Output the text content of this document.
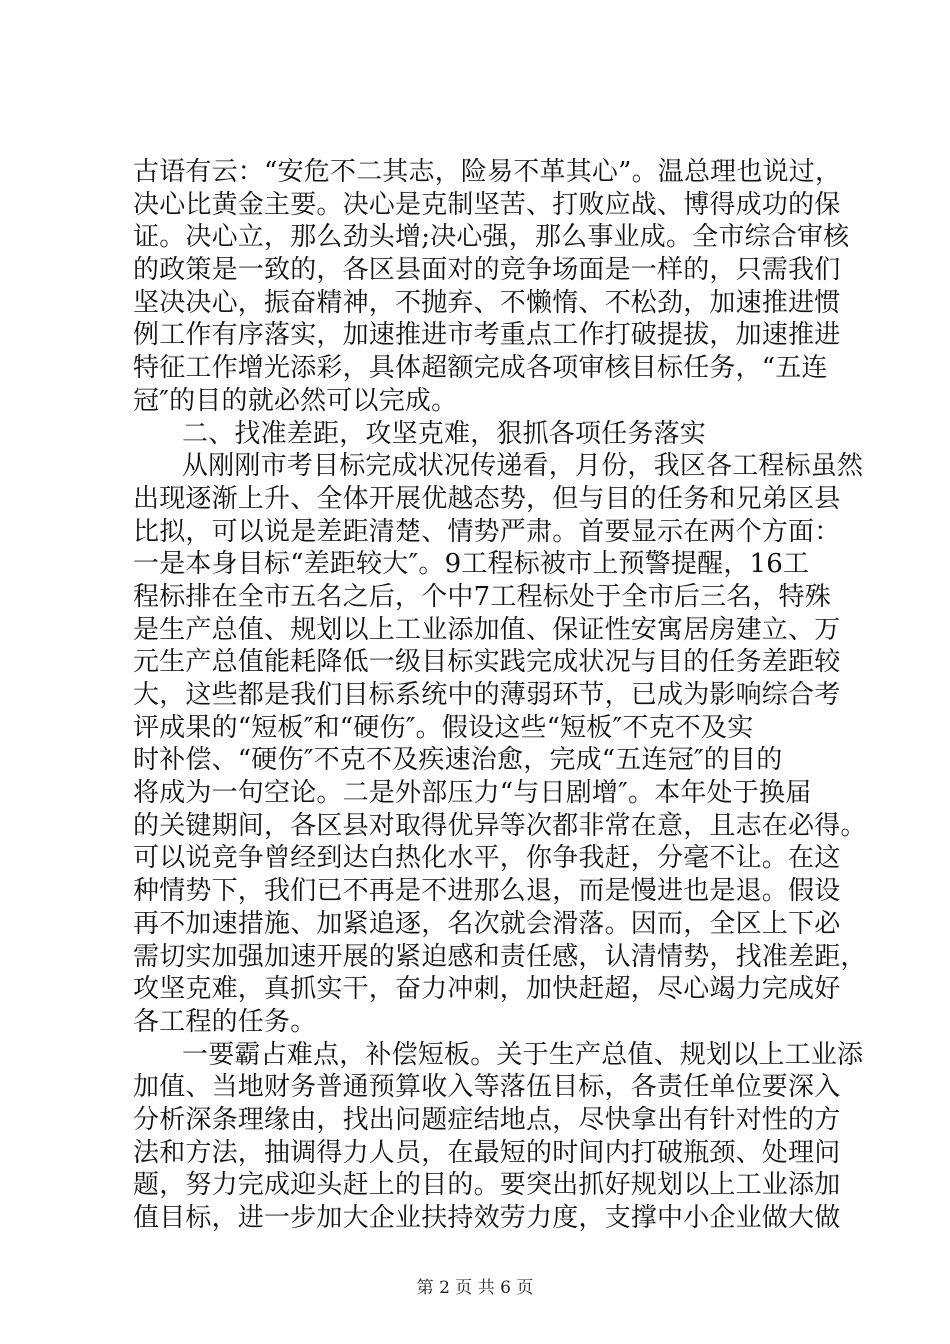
古语有云：“安危不二其志，险易不革其心”。温总理也说过，
决心比黄金主要。决心是克制坚苦、打败应战、博得成功的保
证。决心立，那么劲头增;决心强，那么事业成。全市综合审核
的政策是一致的，各区县面对的竞争场面是一样的，只需我们
坚决决心，振奋精神，不抛弃、不懒惰、不松劲，加速推进惯
例工作有序落实，加速推进市考重点工作打破提拔，加速推进
特征工作增光添彩，具体超额完成各项审核目标任务，“五连
冠″的目的就必然可以完成。
二、找准差距，攻坚克难，狠抓各项任务落实
从刚刚市考目标完成状况传递看，月份，我区各工程标虽然
出现逐渐上升、全体开展优越态势，但与目的任务和兄弟区县
比拟，可以说是差距清楚、情势严肃。首要显示在两个方面：
一是本身目标“差距较大″。9工程标被市上预警提醒，16工
程标排在全市五名之后，个中7工程标处于全市后三名，特殊
是生产总值、规划以上工业添加值、保证性安寓居房建立、万
元生产总值能耗降低一级目标实践完成状况与目的任务差距较
大，这些都是我们目标系统中的薄弱环节，已成为影响综合考
评成果的“短板″和“硬伤″。假设这些“短板″不克不及实
时补偿、“硬伤″不克不及疾速治愈，完成“五连冠″的目的
将成为一句空论。二是外部压力“与日剧增″。本年处于换届
的关键期间，各区县对取得优异等次都非常在意，且志在必得。
可以说竞争曾经到达白热化水平，你争我赶，分毫不让。在这
种情势下，我们已不再是不进那么退，而是慢进也是退。假设
再不加速措施、加紧追逐，名次就会滑落。因而，全区上下必
需切实加强加速开展的紧迫感和责任感，认清情势，找准差距，
攻坚克难，真抓实干，奋力冲刺，加快赶超，尽心竭力完成好
各工程的任务。
一要霸占难点，补偿短板。关于生产总值、规划以上工业添
加值、当地财务普通预算收入等落伍目标，各责任单位要深入
分析深条理缘由，找出问题症结地点，尽快拿出有针对性的方
法和方法，抽调得力人员，在最短的时间内打破瓶颈、处理问
题，努力完成迎头赶上的目的。要突出抓好规划以上工业添加
值目标，进一步加大企业扶持效劳力度，支撑中小企业做大做
第 2 页 共 6 页
